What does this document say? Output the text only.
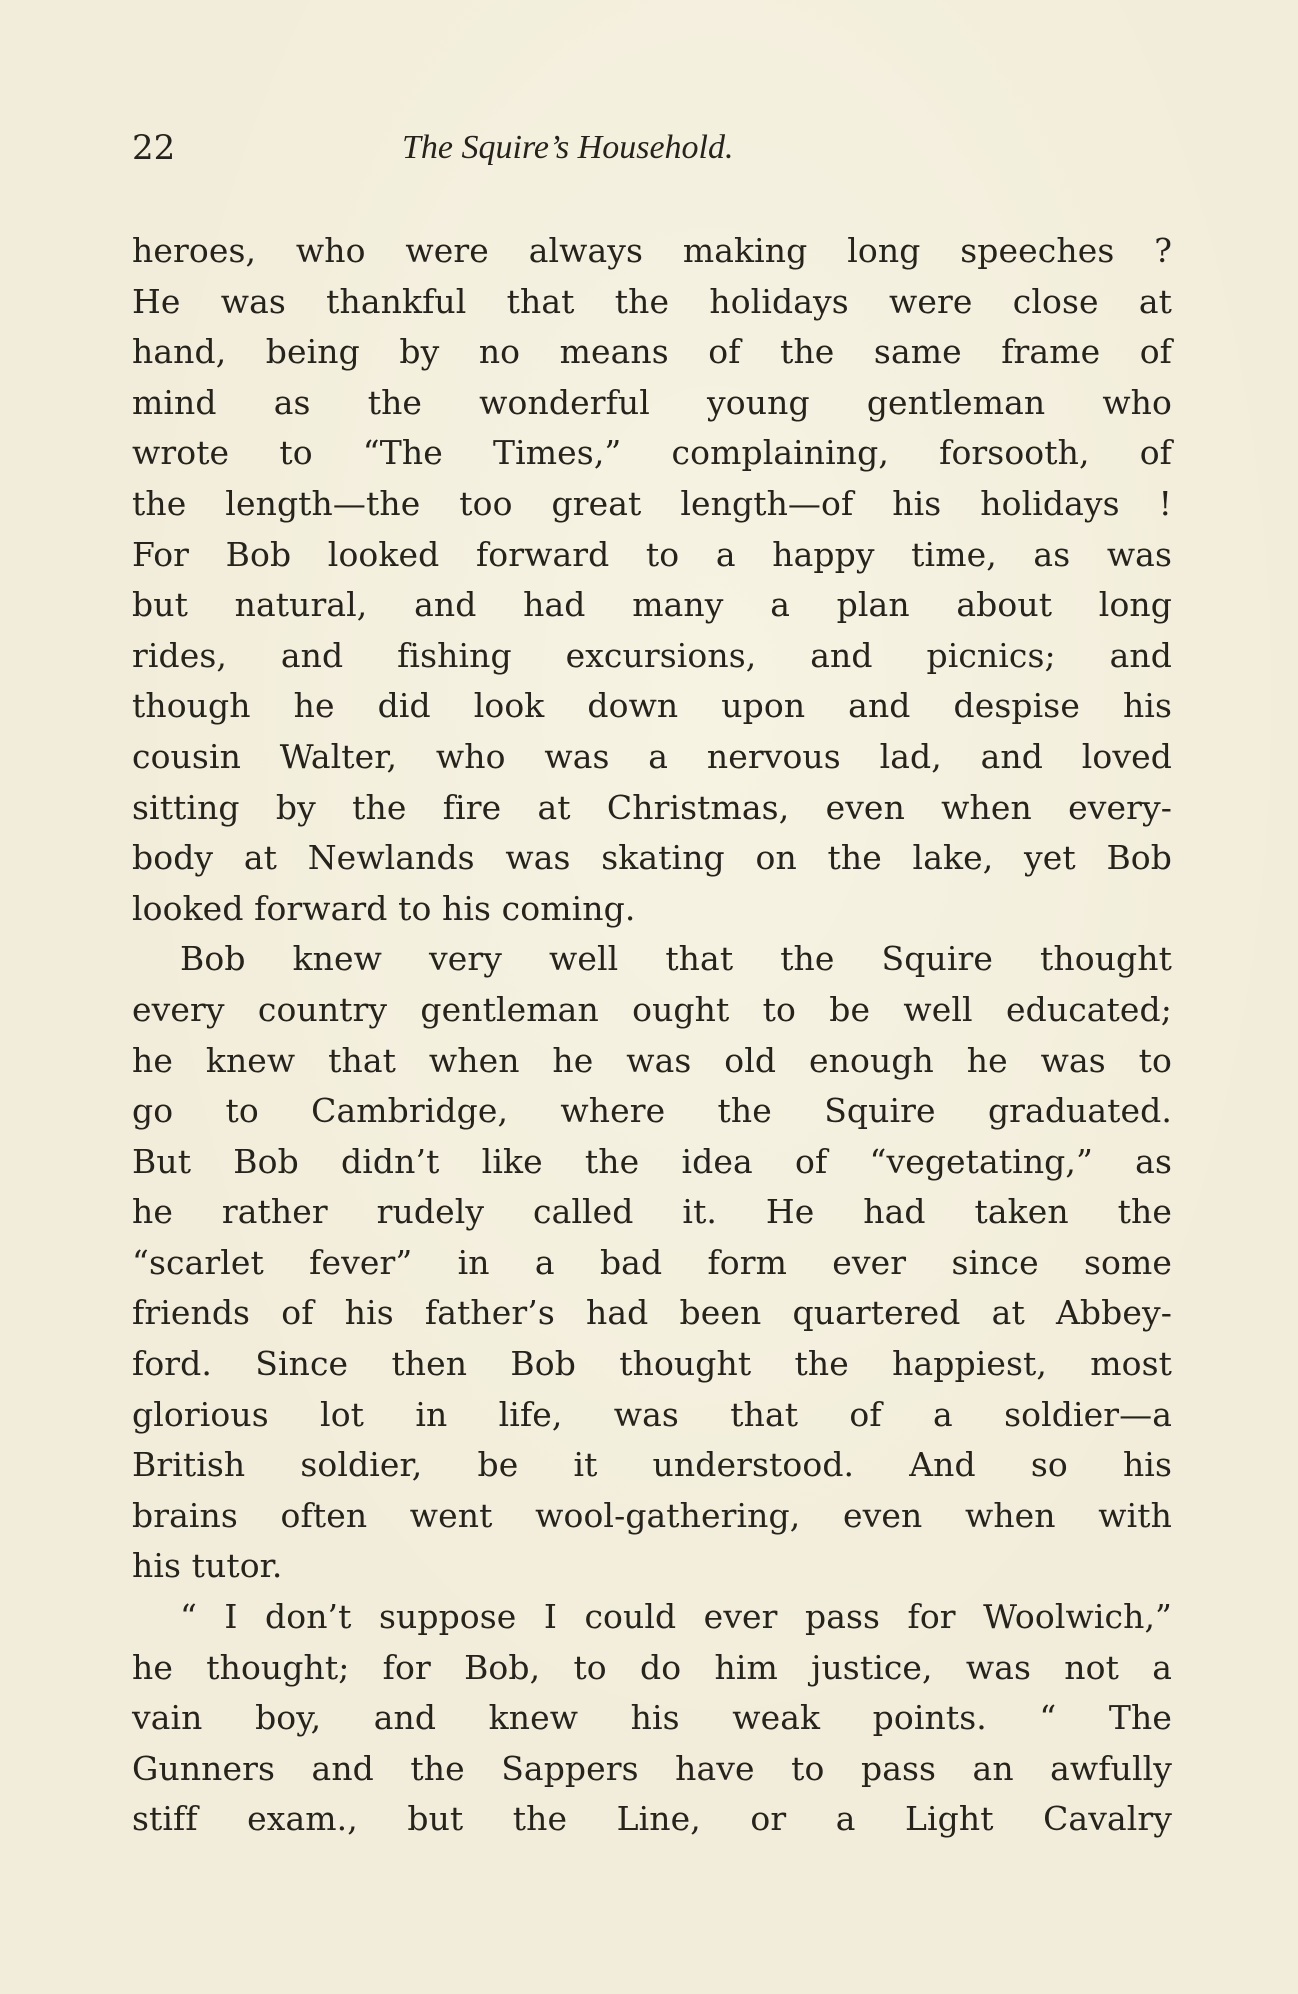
22	The Squire’s Household.
heroes, who were always making long speeches ?
He was thankful that the holidays were close at
hand, being by no means of the same frame of
mind as the wonderful young gentleman who
wrote to “The Times,” complaining, forsooth, of
the length—the too great length—of his holidays !
For Bob looked forward to a happy time, as was
but natural, and had many a plan about long
rides, and fishing excursions, and picnics; and
though he did look down upon and despise his
cousin Walter, who was a nervous lad, and loved
sitting by the fire at Christmas, even when every-
body at Newlands was skating on the lake, yet Bob
looked forward to his coming.
Bob knew very well that the Squire thought
every country gentleman ought to be well educated;
he knew that when he was old enough he was to
go to Cambridge, where the Squire graduated.
But Bob didn’t like the idea of “vegetating,” as
he rather rudely called it. He had taken the
“scarlet fever” in a bad form ever since some
friends of his father’s had been quartered at Abbey-
ford. Since then Bob thought the happiest, most
glorious lot in life, was that of a soldier—a
British soldier, be it understood. And so his
brains often went wool-gathering, even when with
his tutor.
“ I don’t suppose I could ever pass for Woolwich,”
he thought; for Bob, to do him justice, was not a
vain boy, and knew his weak points. “ The
Gunners and the Sappers have to pass an awfully
stiff exam., but the Line, or a Light Cavalry
